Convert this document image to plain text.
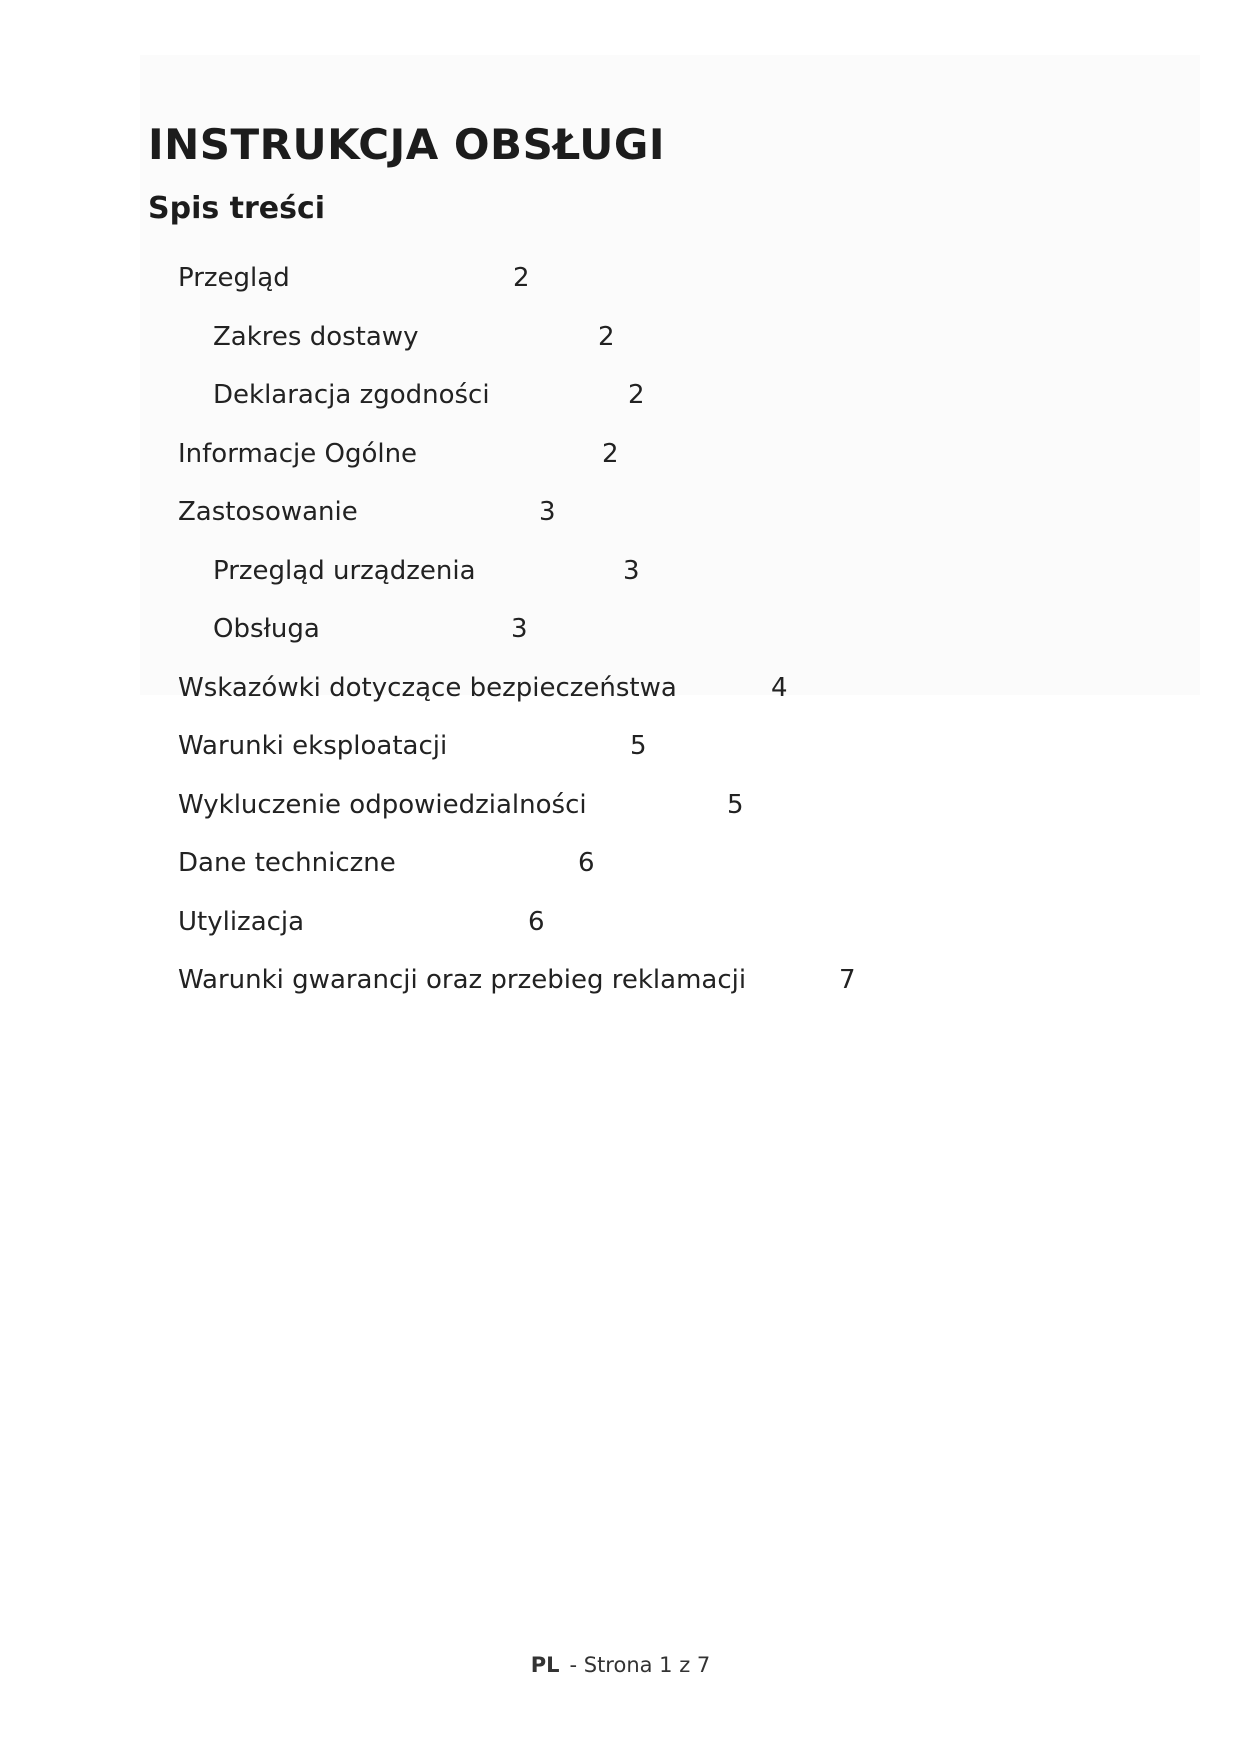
INSTRUKCJA OBSŁUGI
Spis treści
Przegląd	2
Zakres dostawy	2
Deklaracja zgodności	2
Informacje Ogólne	2
Zastosowanie	3
Przegląd urządzenia	3
Obsługa	3
Wskazówki dotyczące bezpieczeństwa	4
Warunki eksploatacji	5
Wykluczenie odpowiedzialności	5
Dane techniczne	6
Utylizacja	6
Warunki gwarancji oraz przebieg reklamacji	7
PL - Strona 1 z 7
